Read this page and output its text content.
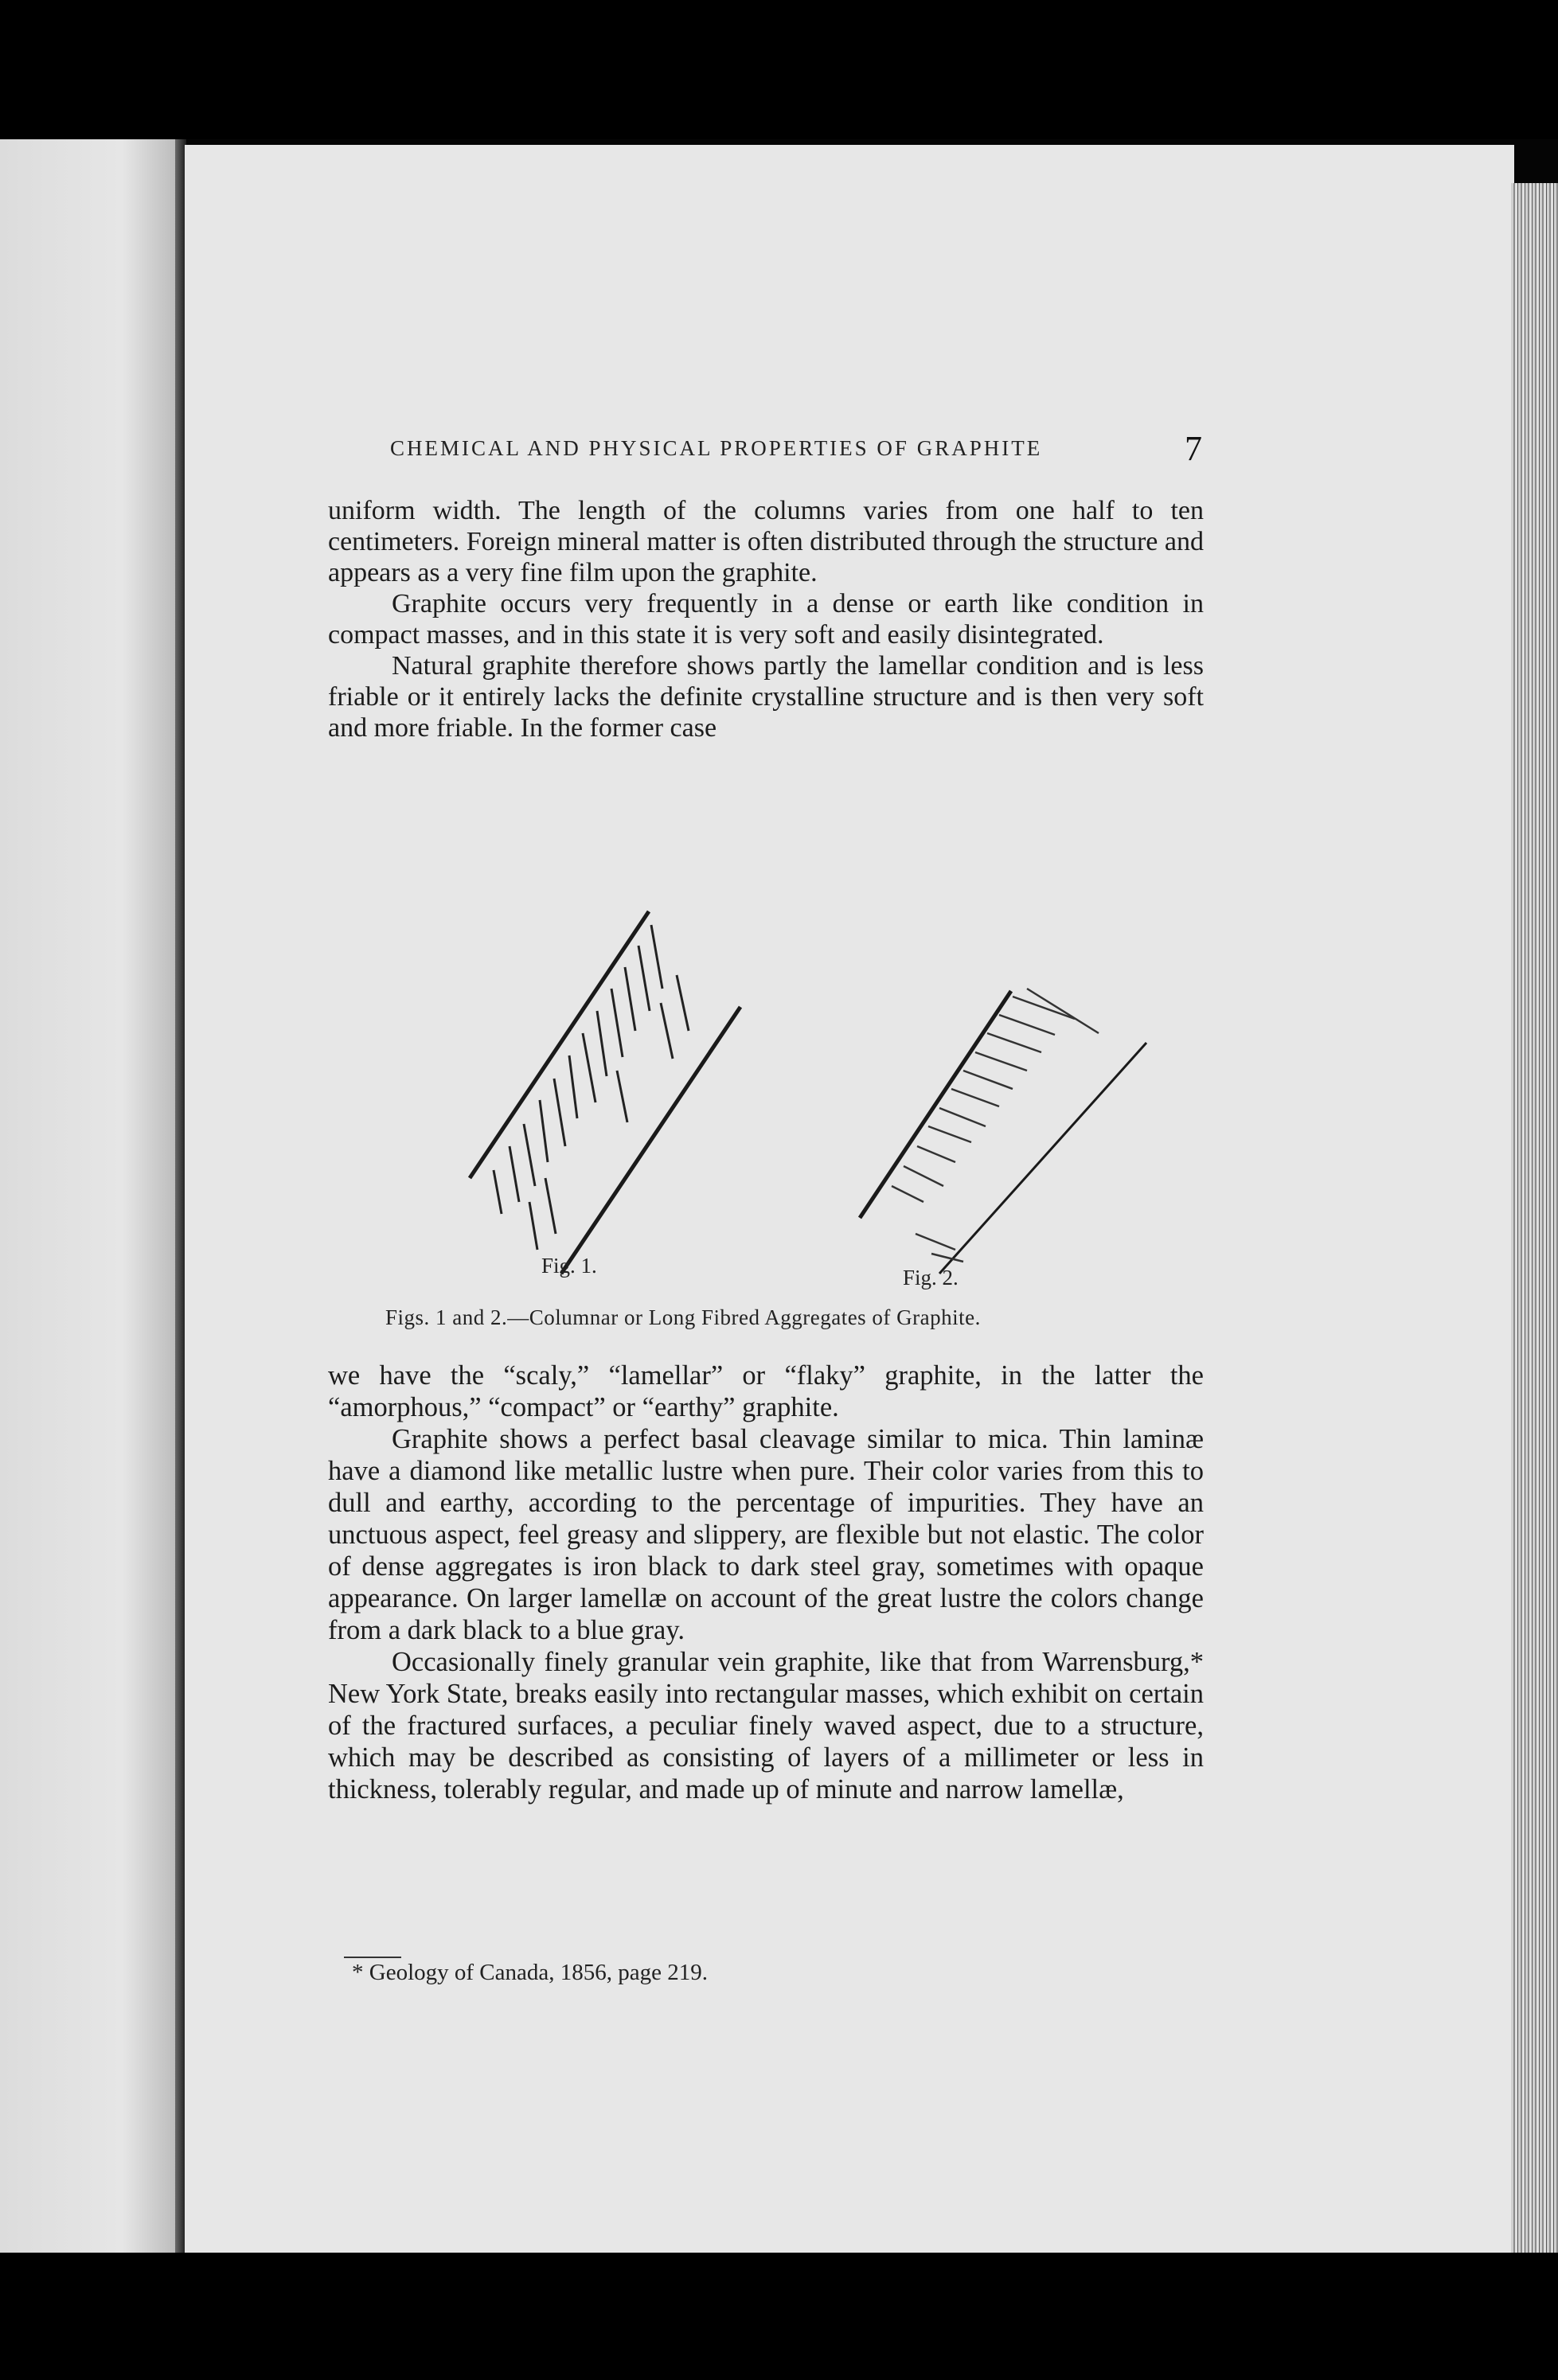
CHEMICAL AND PHYSICAL PROPERTIES OF GRAPHITE	7

uniform width. The length of the columns varies from one half to ten centimeters. Foreign mineral matter is often distributed through the structure and appears as a very fine film upon the graphite.

Graphite occurs very frequently in a dense or earth like condition in compact masses, and in this state it is very soft and easily disintegrated.

Natural graphite therefore shows partly the lamellar condition and is less friable or it entirely lacks the definite crystalline structure and is then very soft and more friable. In the former case

Fig. 1.	Fig. 2.
Figs. 1 and 2.—Columnar or Long Fibred Aggregates of Graphite.

we have the “scaly,” “lamellar” or “flaky” graphite, in the latter the “amorphous,” “compact” or “earthy” graphite.

Graphite shows a perfect basal cleavage similar to mica. Thin laminæ have a diamond like metallic lustre when pure. Their color varies from this to dull and earthy, according to the percentage of impurities. They have an unctuous aspect, feel greasy and slippery, are flexible but not elastic. The color of dense aggregates is iron black to dark steel gray, sometimes with opaque appearance. On larger lamellæ on account of the great lustre the colors change from a dark black to a blue gray.

Occasionally finely granular vein graphite, like that from Warrensburg,* New York State, breaks easily into rectangular masses, which exhibit on certain of the fractured surfaces, a peculiar finely waved aspect, due to a structure, which may be described as consisting of layers of a millimeter or less in thickness, tolerably regular, and made up of minute and narrow lamellæ,

* Geology of Canada, 1856, page 219.
